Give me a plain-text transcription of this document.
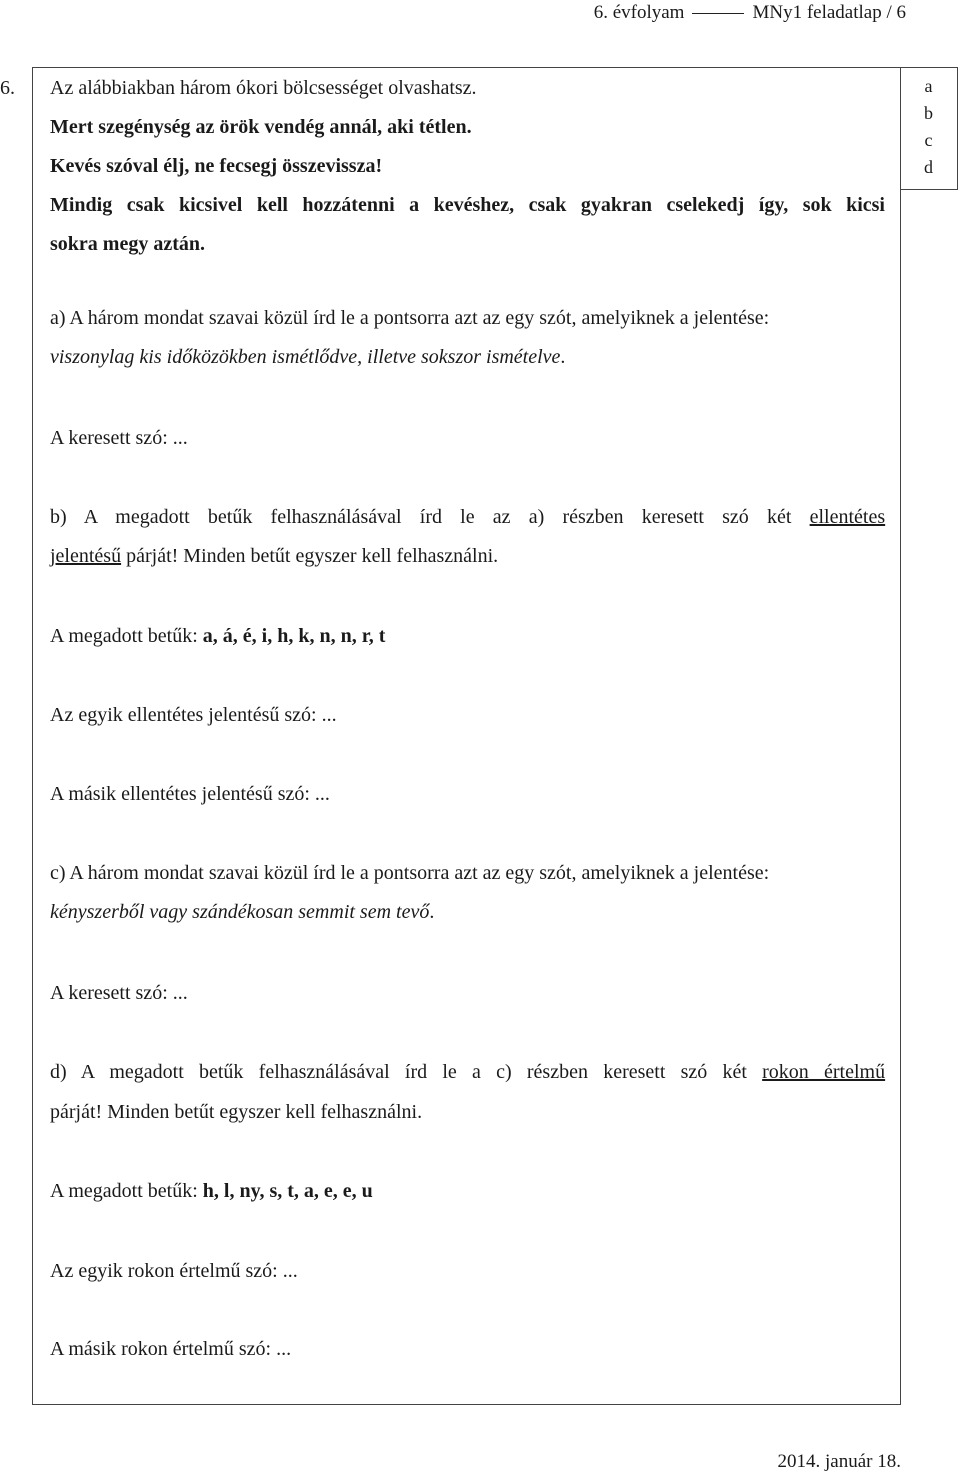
6. évfolyam	MNy1 feladatlap / 6
6.	a
b
c
d
Az alábbiakban három ókori bölcsességet olvashatsz.
Mert szegénység az örök vendég annál, aki tétlen.
Kevés szóval élj, ne fecsegj összevissza!
Mindig csak kicsivel kell hozzátenni a kevéshez, csak gyakran cselekedj így, sok kicsi
sokra megy aztán.
a) A három mondat szavai közül írd le a pontsorra azt az egy szót, amelyiknek a jelentése:
viszonylag kis időközökben ismétlődve, illetve sokszor ismételve.
A keresett szó: ...
b) A megadott betűk felhasználásával írd le az a) részben keresett szó két ellentétes
jelentésű párját! Minden betűt egyszer kell felhasználni.
A megadott betűk: a, á, é, i, h, k, n, n, r, t
Az egyik ellentétes jelentésű szó: ...
A másik ellentétes jelentésű szó: ...
c) A három mondat szavai közül írd le a pontsorra azt az egy szót, amelyiknek a jelentése:
kényszerből vagy szándékosan semmit sem tevő.
A keresett szó: ...
d) A megadott betűk felhasználásával írd le a c) részben keresett szó két rokon értelmű
párját! Minden betűt egyszer kell felhasználni.
A megadott betűk: h, l, ny, s, t, a, e, e, u
Az egyik rokon értelmű szó: ...
A másik rokon értelmű szó: ...
2014. január 18.
